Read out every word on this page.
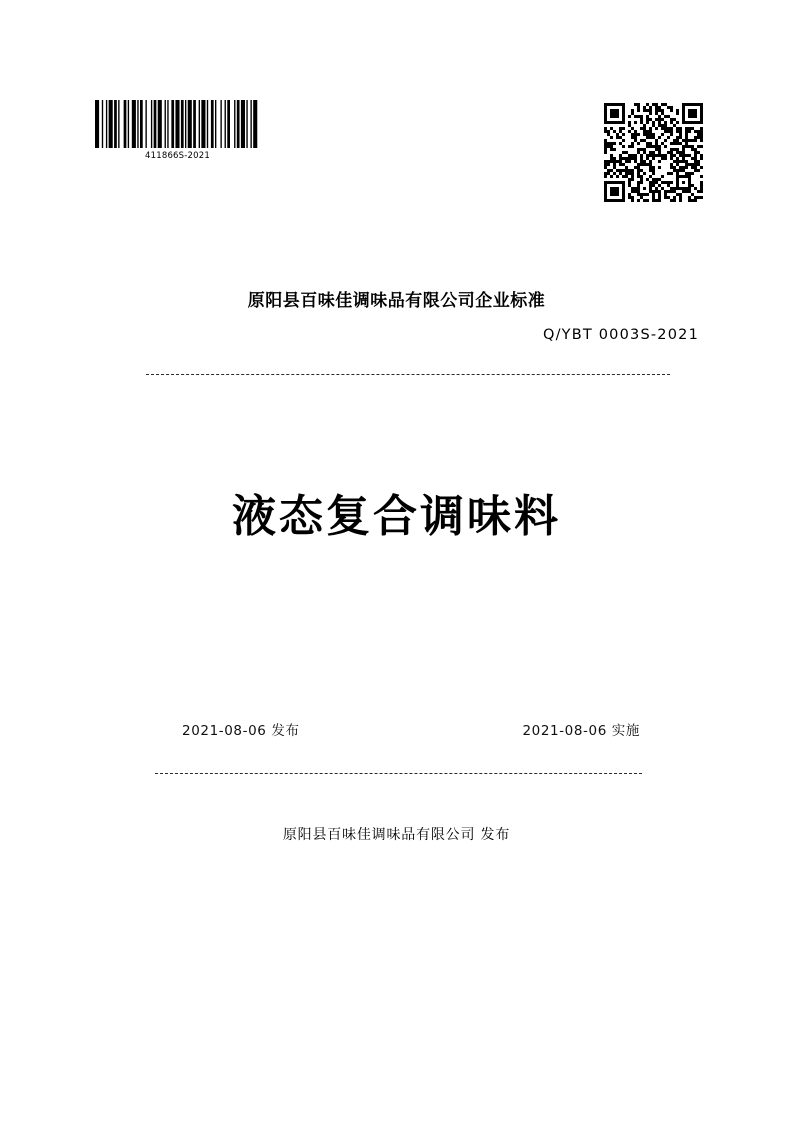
411866S-2021
原阳县百味佳调味品有限公司企业标准
Q/YBT 0003S-2021
液态复合调味料
2021-08-06 发布	2021-08-06 实施
原阳县百味佳调味品有限公司 发布
